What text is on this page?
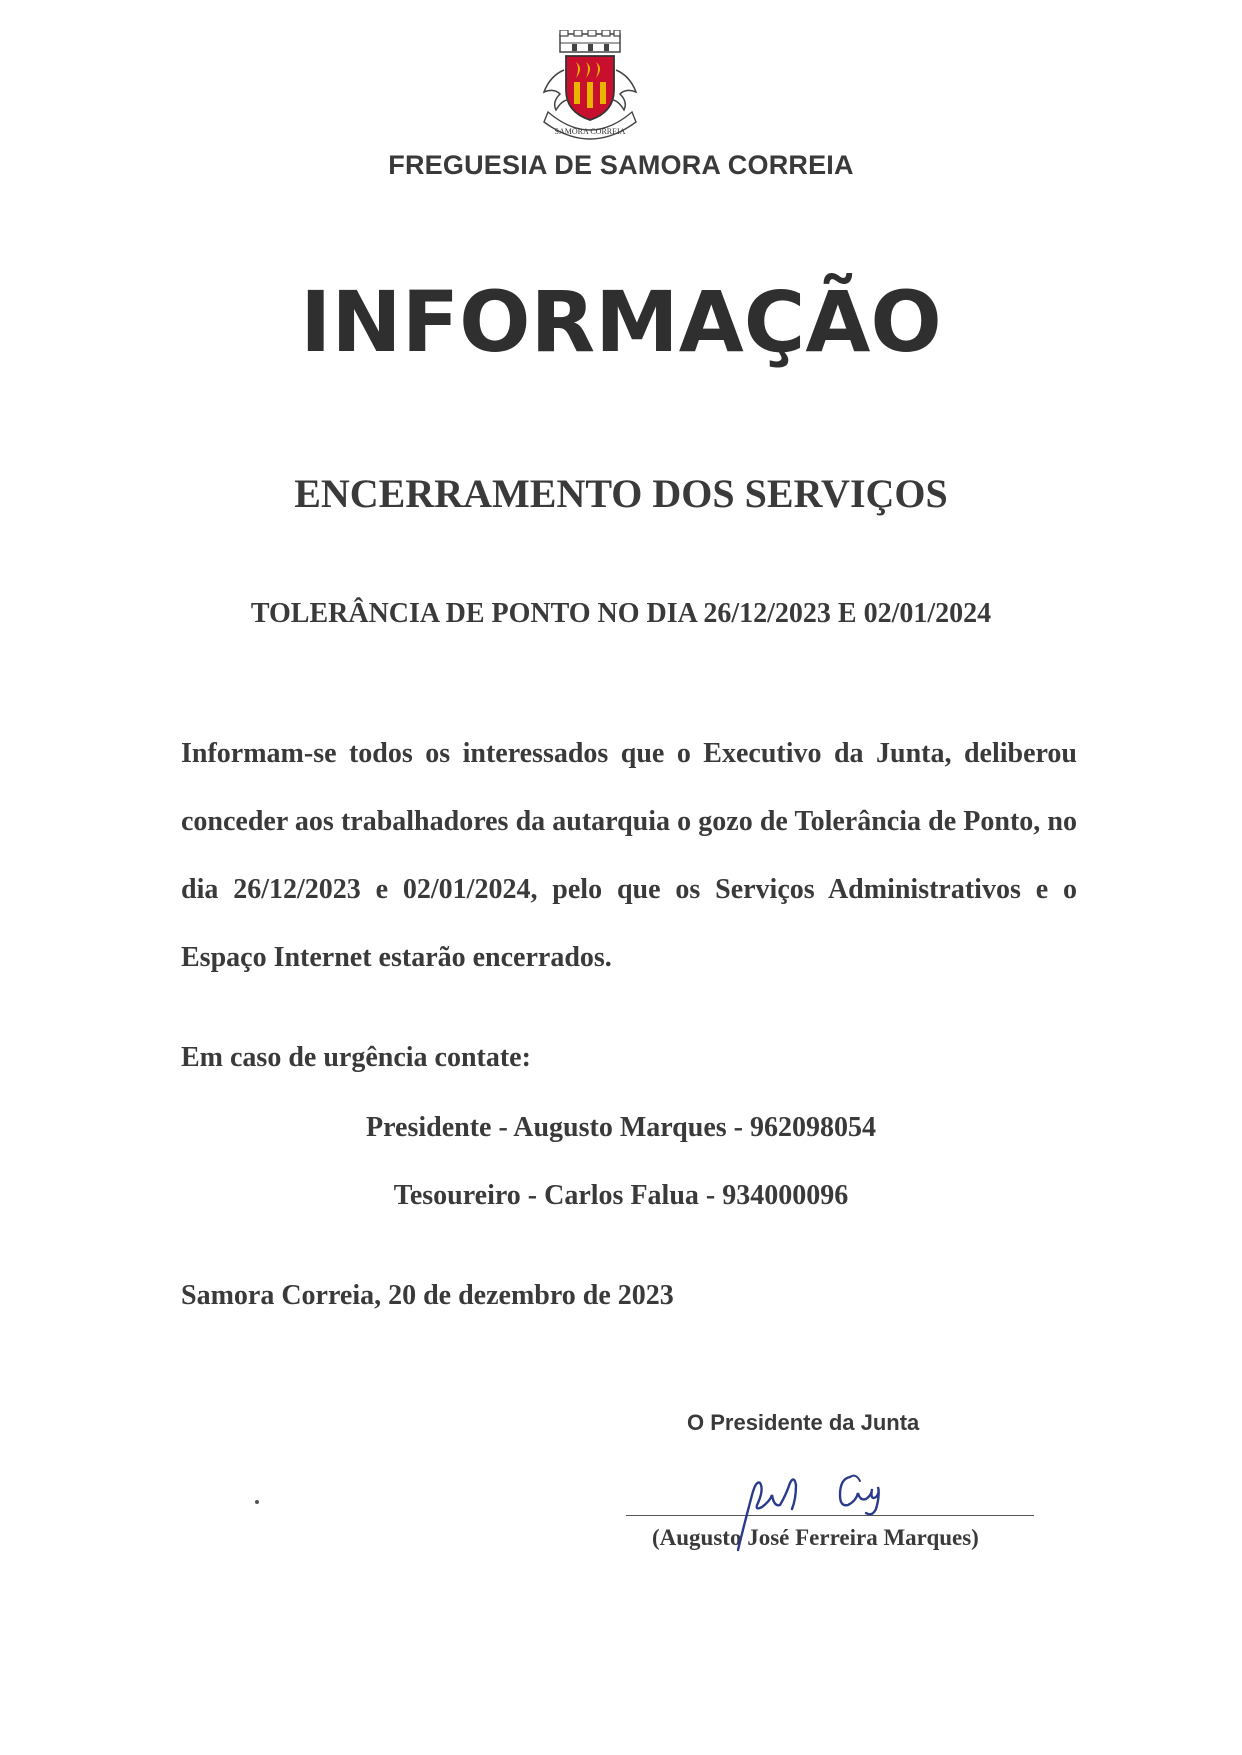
SAMORA CORREIA
FREGUESIA DE SAMORA CORREIA
INFORMAÇÃO
ENCERRAMENTO DOS SERVIÇOS
TOLERÂNCIA DE PONTO NO DIA 26/12/2023 E 02/01/2024

Informam-se todos os interessados que o Executivo da Junta, deliberou conceder aos trabalhadores da autarquia o gozo de Tolerância de Ponto, no dia 26/12/2023 e 02/01/2024, pelo que os Serviços Administrativos e o Espaço Internet estarão encerrados.

Em caso de urgência contate:
Presidente - Augusto Marques - 962098054
Tesoureiro - Carlos Falua - 934000096
Samora Correia, 20 de dezembro de 2023
O Presidente da Junta
(Augusto José Ferreira Marques)
